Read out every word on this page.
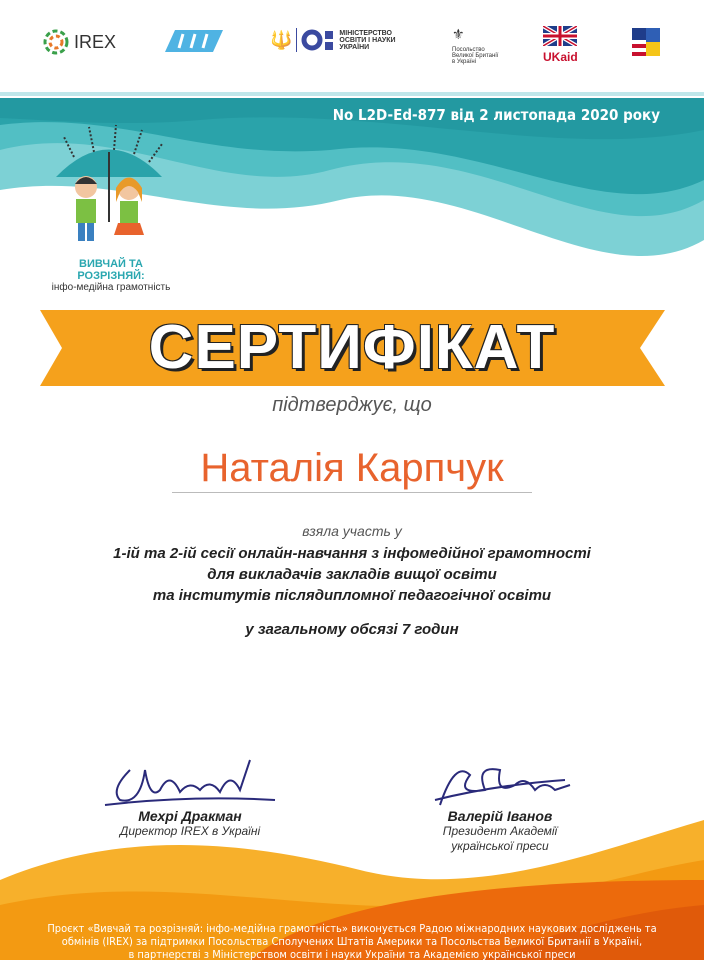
IREX	🔱	МІНІСТЕРСТВО ОСВІТИ І НАУКИ УКРАЇНИ
⚜
Посольство Великої Британії в Україні	UKaid
No L2D-Ed-877 від 2 листопада 2020 року
ВИВЧАЙ ТА РОЗРІЗНЯЙ:
інфо-медійна грамотність
СЕРТИФІКАТ
підтверджує, що
Наталія Карпчук
взяла участь у
1-ій та 2-ій сесії онлайн-навчання з інфомедійної грамотності
для викладачів закладів вищої освіти
та інститутів післядипломної педагогічної освіти
у загальному обсязі 7 годин
Мехрі Дракман
Директор IREX в Україні
Валерій Іванов
Президент Академії
української преси
Проєкт «Вивчай та розрізняй: інфо-медійна грамотність» виконується Радою міжнародних наукових досліджень та
обмінів (IREX) за підтримки Посольства Сполучених Штатів Америки та Посольства Великої Британії в Україні,
в партнерстві з Міністерством освіти і науки України та Академією української преси
